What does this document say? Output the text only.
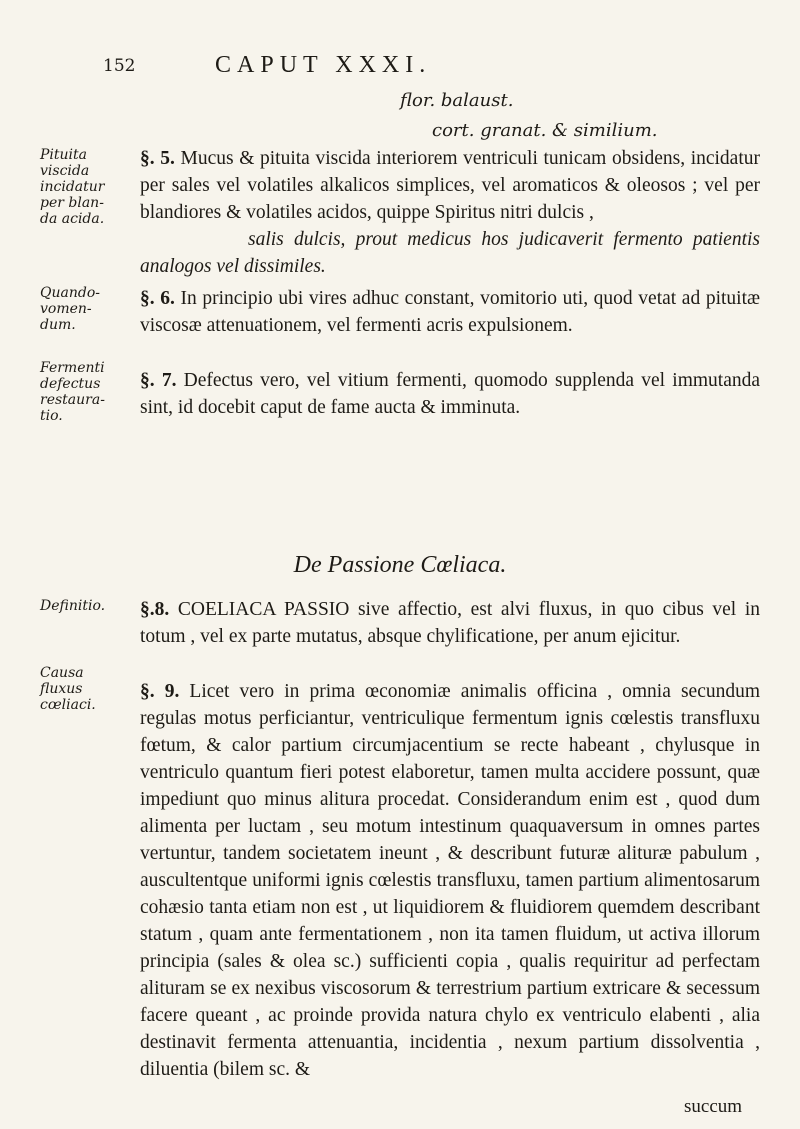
152	CAPUT XXXI.
flor. balaust.
cort. granat. & similium.
Pituita viscida incidatur per blan-da acida.
Quando-vomen-dum.
Fermenti defectus restaura-tio.
Definitio.
Causa fluxus cœliaci.

§. 5. Mucus & pituita viscida interiorem ventriculi tunicam obsidens, incidatur per sales vel volatiles alkalicos simplices, vel aromaticos & oleosos ; vel per blandiores & volatiles acidos, quippe Spiritus nitri dulcis ,

salis dulcis, prout medicus hos judicaverit fermento patientis analogos vel dissimiles.

§. 6. In principio ubi vires adhuc constant, vomitorio uti, quod vetat ad pituitæ viscosæ attenuationem, vel fermenti acris expulsionem.

§. 7. Defectus vero, vel vitium fermenti, quomodo supplenda vel immutanda sint, id docebit caput de fame aucta & imminuta.

De Passione Cœliaca.

§.8. COELIACA PASSIO sive affectio, est alvi fluxus, in quo cibus vel in totum , vel ex parte mutatus, absque chylificatione, per anum ejicitur.

§. 9. Licet vero in prima œconomiæ animalis officina , omnia secundum regulas motus perficiantur, ventriculique fermentum ignis cœlestis transfluxu fœtum, & calor partium circumjacentium se recte habeant , chylusque in ventriculo quantum fieri potest elaboretur, tamen multa accidere possunt, quæ impediunt quo minus alitura procedat. Considerandum enim est , quod dum alimenta per luctam , seu motum intestinum quaquaversum in omnes partes vertuntur, tandem societatem ineunt , & describunt futuræ alituræ pabulum , auscultentque uniformi ignis cœlestis transfluxu, tamen partium alimentosarum cohæsio tanta etiam non est , ut liquidiorem & fluidiorem quemdem describant statum , quam ante fermentationem , non ita tamen fluidum, ut activa illorum principia (sales & olea sc.) sufficienti copia , qualis requiritur ad perfectam alituram se ex nexibus viscosorum & terrestrium partium extricare & secessum facere queant , ac proinde provida natura chylo ex ventriculo elabenti , alia destinavit fermenta attenuantia, incidentia , nexum partium dissolventia , diluentia (bilem sc. &

succum
